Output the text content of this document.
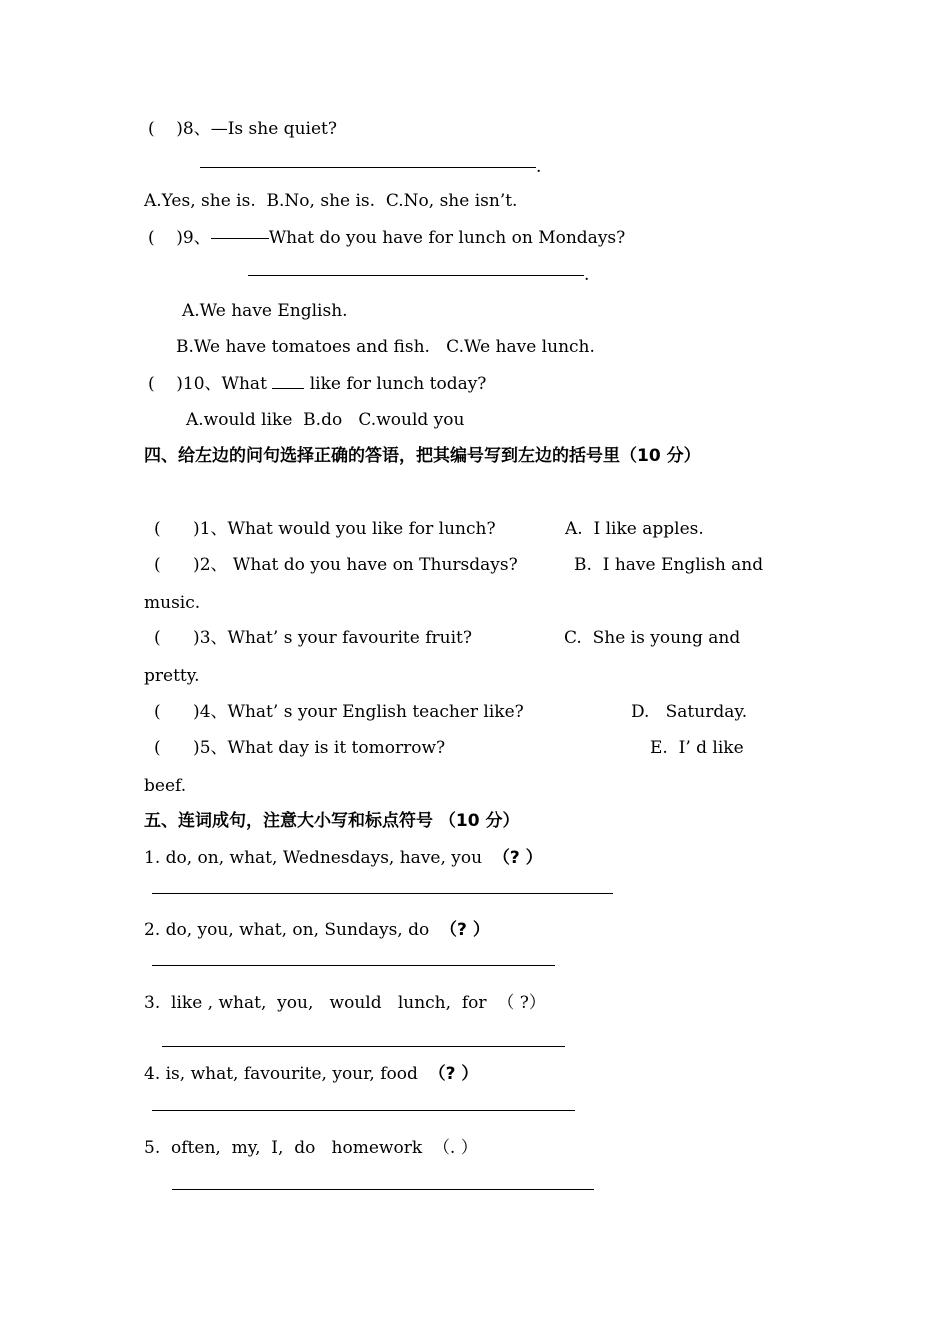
(    )8、—Is she quiet?
.
A.Yes, she is.  B.No, she is.  C.No, she isn’t.
(    )9、	What do you have for lunch on Mondays?
.
A.We have English.
B.We have tomatoes and fish.   C.We have lunch.
(    )10、What	like for lunch today?
A.would like  B.do   C.would you
四、给左边的问句选择正确的答语，把其编号写到左边的括号里（10 分）
(      )1、What would you like for lunch?	A.  I like apples.
(      )2、 What do you have on Thursdays?	B.  I have English and
music.
(      )3、What’ s your favourite fruit?	C.  She is young and
pretty.
(      )4、What’ s your English teacher like?	D.   Saturday.
(      )5、What day is it tomorrow?	E.  I’ d like
beef.
五、连词成句，注意大小写和标点符号 （10 分）
1. do, on, what, Wednesdays, have, you （? ）
2. do, you, what, on, Sundays, do （? ）
3.  like , what,  you,   would   lunch,  for （ ?）
4. is, what, favourite, your, food （? ）
5.  often,  my,  I,  do   homework （. ）
